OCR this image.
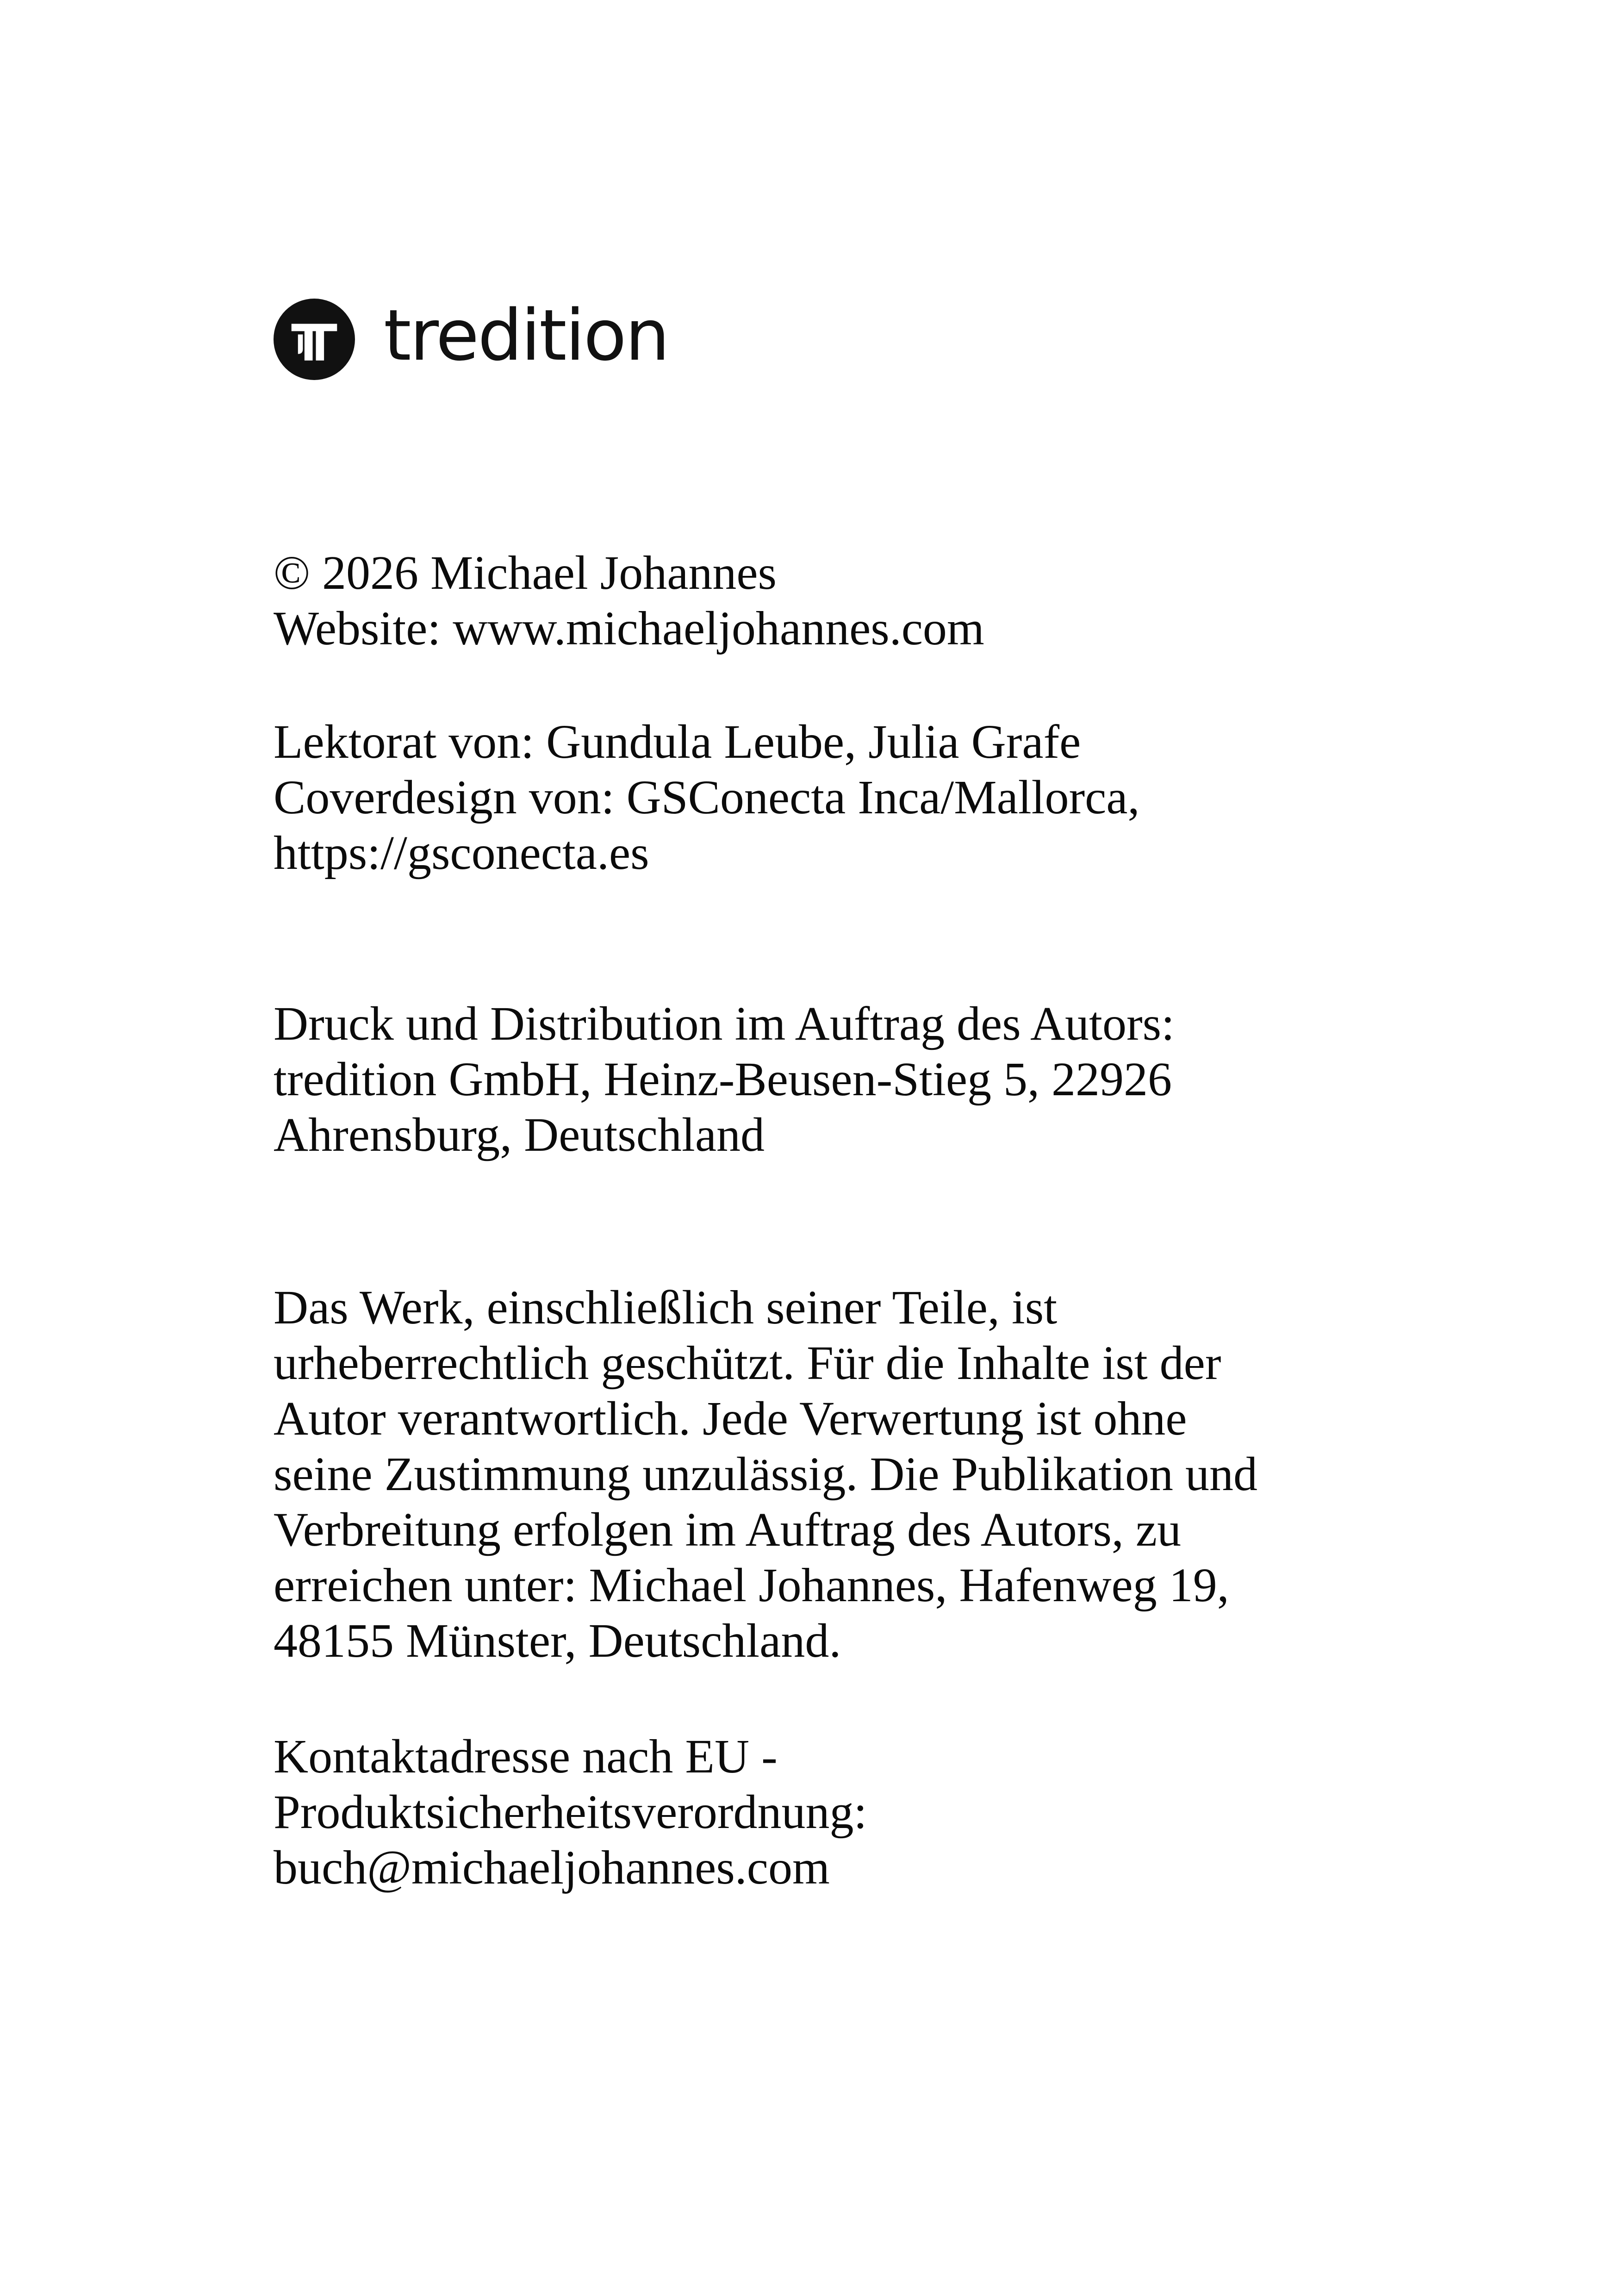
tredition

© 2026 Michael Johannes
Website: www.michaeljohannes.com

Lektorat von: Gundula Leube, Julia Grafe
Coverdesign von: GSConecta Inca/Mallorca,
https://gsconecta.es

Druck und Distribution im Auftrag des Autors:
tredition GmbH, Heinz-Beusen-Stieg 5, 22926
Ahrensburg, Deutschland

Das Werk, einschließlich seiner Teile, ist
urheberrechtlich geschützt. Für die Inhalte ist der
Autor verantwortlich. Jede Verwertung ist ohne
seine Zustimmung unzulässig. Die Publikation und
Verbreitung erfolgen im Auftrag des Autors, zu
erreichen unter: Michael Johannes, Hafenweg 19,
48155 Münster, Deutschland.

Kontaktadresse nach EU -
Produktsicherheitsverordnung:
buch@michaeljohannes.com
